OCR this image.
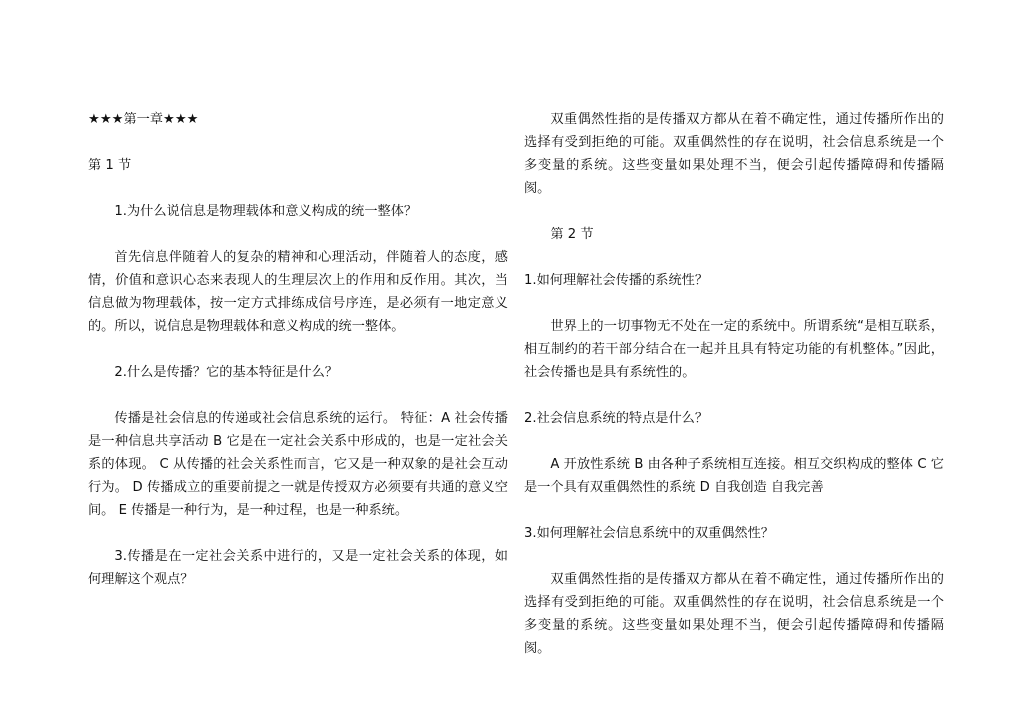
★★★第一章★★★
第 1 节
1.为什么说信息是物理载体和意义构成的统一整体？
首先信息伴随着人的复杂的精神和心理活动，伴随着人的态度，感情，价值和意识心态来表现人的生理层次上的作用和反作用。其次，当信息做为物理载体，按一定方式排练成信号序连，是必须有一地定意义的。所以，说信息是物理载体和意义构成的统一整体。
2.什么是传播？它的基本特征是什么？
传播是社会信息的传递或社会信息系统的运行。 特征：A 社会传播是一种信息共享活动 B 它是在一定社会关系中形成的，也是一定社会关系的体现。 C 从传播的社会关系性而言，它又是一种双象的是社会互动行为。 D 传播成立的重要前提之一就是传授双方必须要有共通的意义空间。 E 传播是一种行为，是一种过程，也是一种系统。
3.传播是在一定社会关系中进行的，又是一定社会关系的体现，如何理解这个观点？
双重偶然性指的是传播双方都从在着不确定性，通过传播所作出的选择有受到拒绝的可能。双重偶然性的存在说明，社会信息系统是一个多变量的系统。这些变量如果处理不当，便会引起传播障碍和传播隔阂。
第 2 节
1.如何理解社会传播的系统性？
世界上的一切事物无不处在一定的系统中。所谓系统“是相互联系，相互制约的若干部分结合在一起并且具有特定功能的有机整体。”因此，社会传播也是具有系统性的。
2.社会信息系统的特点是什么？
A 开放性系统 B 由各种子系统相互连接。相互交织构成的整体 C 它是一个具有双重偶然性的系统 D 自我创造 自我完善
3.如何理解社会信息系统中的双重偶然性？
双重偶然性指的是传播双方都从在着不确定性，通过传播所作出的选择有受到拒绝的可能。双重偶然性的存在说明，社会信息系统是一个多变量的系统。这些变量如果处理不当，便会引起传播障碍和传播隔阂。
